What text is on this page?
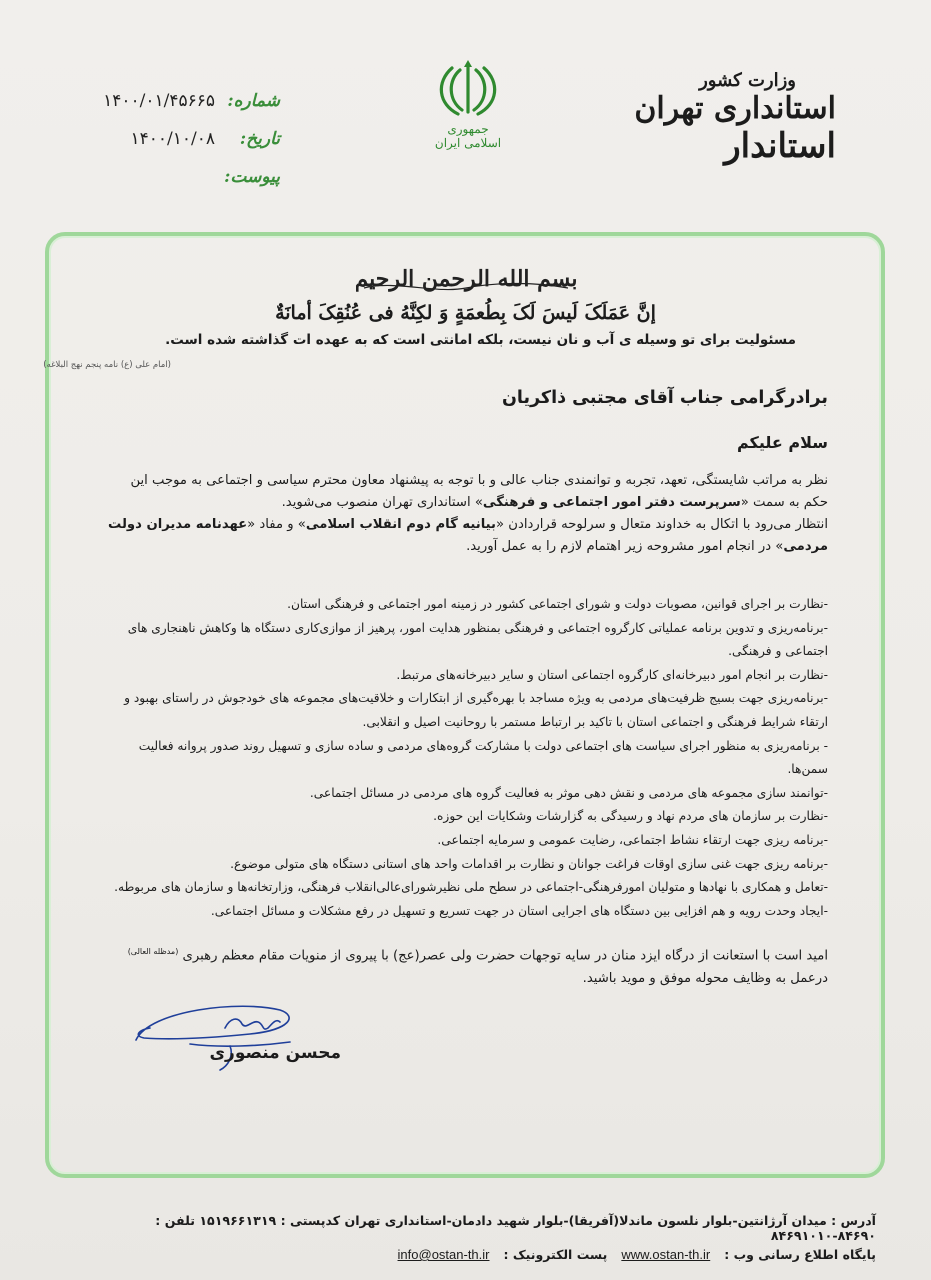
شماره:
۱۴۰۰/۰۱/۴۵۶۶۵
تاریخ:
۱۴۰۰/۱۰/۰۸
پیوست:
جمهوری اسلامی ایران
وزارت کشور
استانداری تهران
استاندار
بسم الله الرحمن الرحيم
إنَّ عَمَلَکَ لَیسَ لَکَ بِطُعمَةٍ وَ لکِنَّهُ فی عُنُقِکَ أمانَةٌ
مسئولیت برای تو وسیله ی آب و نان نیست، بلکه امانتی است که به عهده ات گذاشته شده است.
(امام علی (ع) نامه پنجم نهج البلاغه)
برادرگرامی جناب آقای مجتبی ذاکریان
سلام علیکم
نظر به مراتب شایستگی، تعهد، تجربه و توانمندی جناب عالی و با توجه به پیشنهاد معاون محترم سیاسی و اجتماعی به موجب این حکم به سمت «سرپرست دفتر امور اجتماعی و فرهنگی» استانداری تهران منصوب می‌شوید.
انتظار می‌رود با اتکال به خداوند متعال و سرلوحه قراردادن «بیانیه گام دوم انقلاب اسلامی» و مفاد «عهدنامه مدیران دولت مردمی» در انجام امور مشروحه زیر اهتمام لازم را به عمل آورید.
-نظارت بر اجرای قوانین، مصوبات دولت و شورای اجتماعی کشور در زمینه امور اجتماعی و فرهنگی استان.
-برنامه‌ریزی و تدوین برنامه عملیاتی کارگروه اجتماعی و فرهنگی بمنظور هدایت امور، پرهیز از موازی‌کاری دستگاه ها وکاهش ناهنجاری های اجتماعی و فرهنگی.
-نظارت بر انجام امور دبیرخانه‌ای کارگروه اجتماعی استان و سایر دبیرخانه‌های مرتبط.
-برنامه‌ریزی جهت بسیج ظرفیت‌های مردمی به ویژه مساجد با بهره‌گیری از ابتکارات و خلاقیت‌های مجموعه های خودجوش در راستای بهبود و ارتقاء شرایط فرهنگی و اجتماعی استان با تاکید بر ارتباط مستمر با روحانیت اصیل و انقلابی.
- برنامه‌ریزی به منظور اجرای سیاست های اجتماعی دولت با مشارکت گروه‌های مردمی و ساده سازی و تسهیل روند صدور پروانه فعالیت سمن‌ها.
-توانمند سازی مجموعه های مردمی و نقش دهی موثر به فعالیت گروه های مردمی در مسائل اجتماعی.
-نظارت بر سازمان های مردم نهاد و رسیدگی به گزارشات وشکایات این حوزه.
-برنامه ریزی جهت ارتقاء نشاط اجتماعی، رضایت عمومی و سرمایه اجتماعی.
-برنامه ریزی جهت غنی سازی اوقات فراغت جوانان و نظارت بر اقدامات واحد های استانی دستگاه های متولی موضوع.
-تعامل و همکاری با نهادها و متولیان امورفرهنگی-اجتماعی در سطح ملی نظیرشورای‌عالی‌انقلاب فرهنگی، وزارتخانه‌ها و سازمان های مربوطه.
-ایجاد وحدت رویه و هم افزایی بین دستگاه های اجرایی استان در جهت تسریع و تسهیل در رفع مشکلات و مسائل اجتماعی.
امید است با استعانت از درگاه ایزد منان در سایه توجهات حضرت ولی عصر(عج) با پیروی از منویات مقام معظم رهبری $^{(مدظله العالی)}$ درعمل به وظایف محوله موفق و موید باشید.
محسن منصوری
آدرس : میدان آرژانتین-بلوار نلسون ماندلا(آفریقا)-بلوار شهید دادمان-استانداری تهران کدپستی : ۱۵۱۹۶۶۱۳۱۹ تلفن : ۸۴۶۹۰-۸۴۶۹۱۰۱۰
پایگاه اطلاع رسانی وب :
www.ostan-th.ir
پست الکترونیک :
info@ostan-th.ir
